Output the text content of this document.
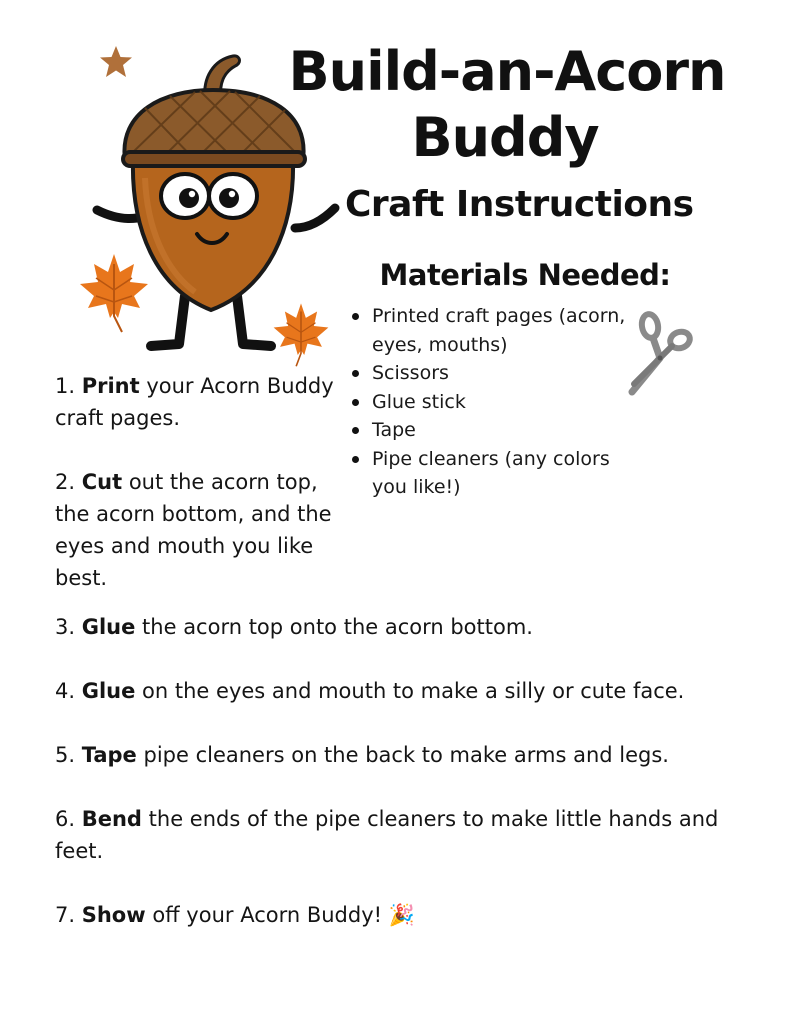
Build-an-Acorn
Buddy
Craft Instructions
Materials Needed:
Printed craft pages (acorn, eyes, mouths)
Scissors
Glue stick
Tape
Pipe cleaners (any colors you like!)
1. Print your Acorn Buddy craft pages.
2. Cut out the acorn top, the acorn bottom, and the eyes and mouth you like best.
3. Glue the acorn top onto the acorn bottom.
4. Glue on the eyes and mouth to make a silly or cute face.
5. Tape pipe cleaners on the back to make arms and legs.
6. Bend the ends of the pipe cleaners to make little hands and feet.
7. Show off your Acorn Buddy! 🎉
